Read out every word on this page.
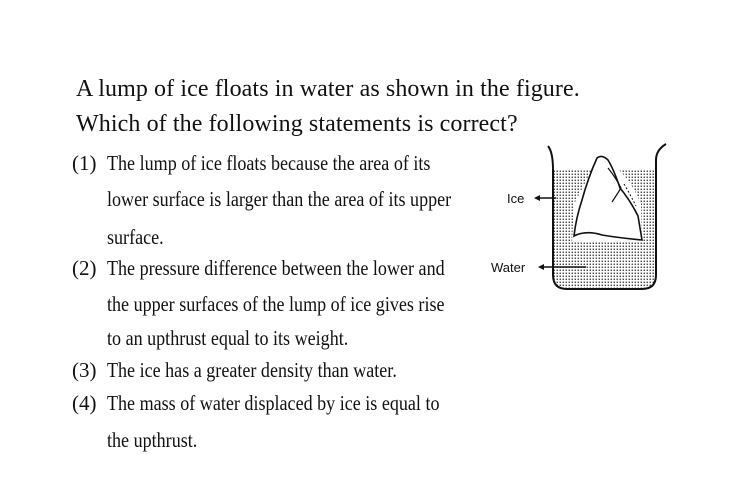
A lump of ice floats in water as shown in the figure.
Which of the following statements is correct?
(1) The lump of ice floats because the area of its
lower surface is larger than the area of its upper
surface.
(2) The pressure difference between the lower and
the upper surfaces of the lump of ice gives rise
to an upthrust equal to its weight.
(3) The ice has a greater density than water.
(4) The mass of water displaced by ice is equal to
the upthrust.
Ice
Water
